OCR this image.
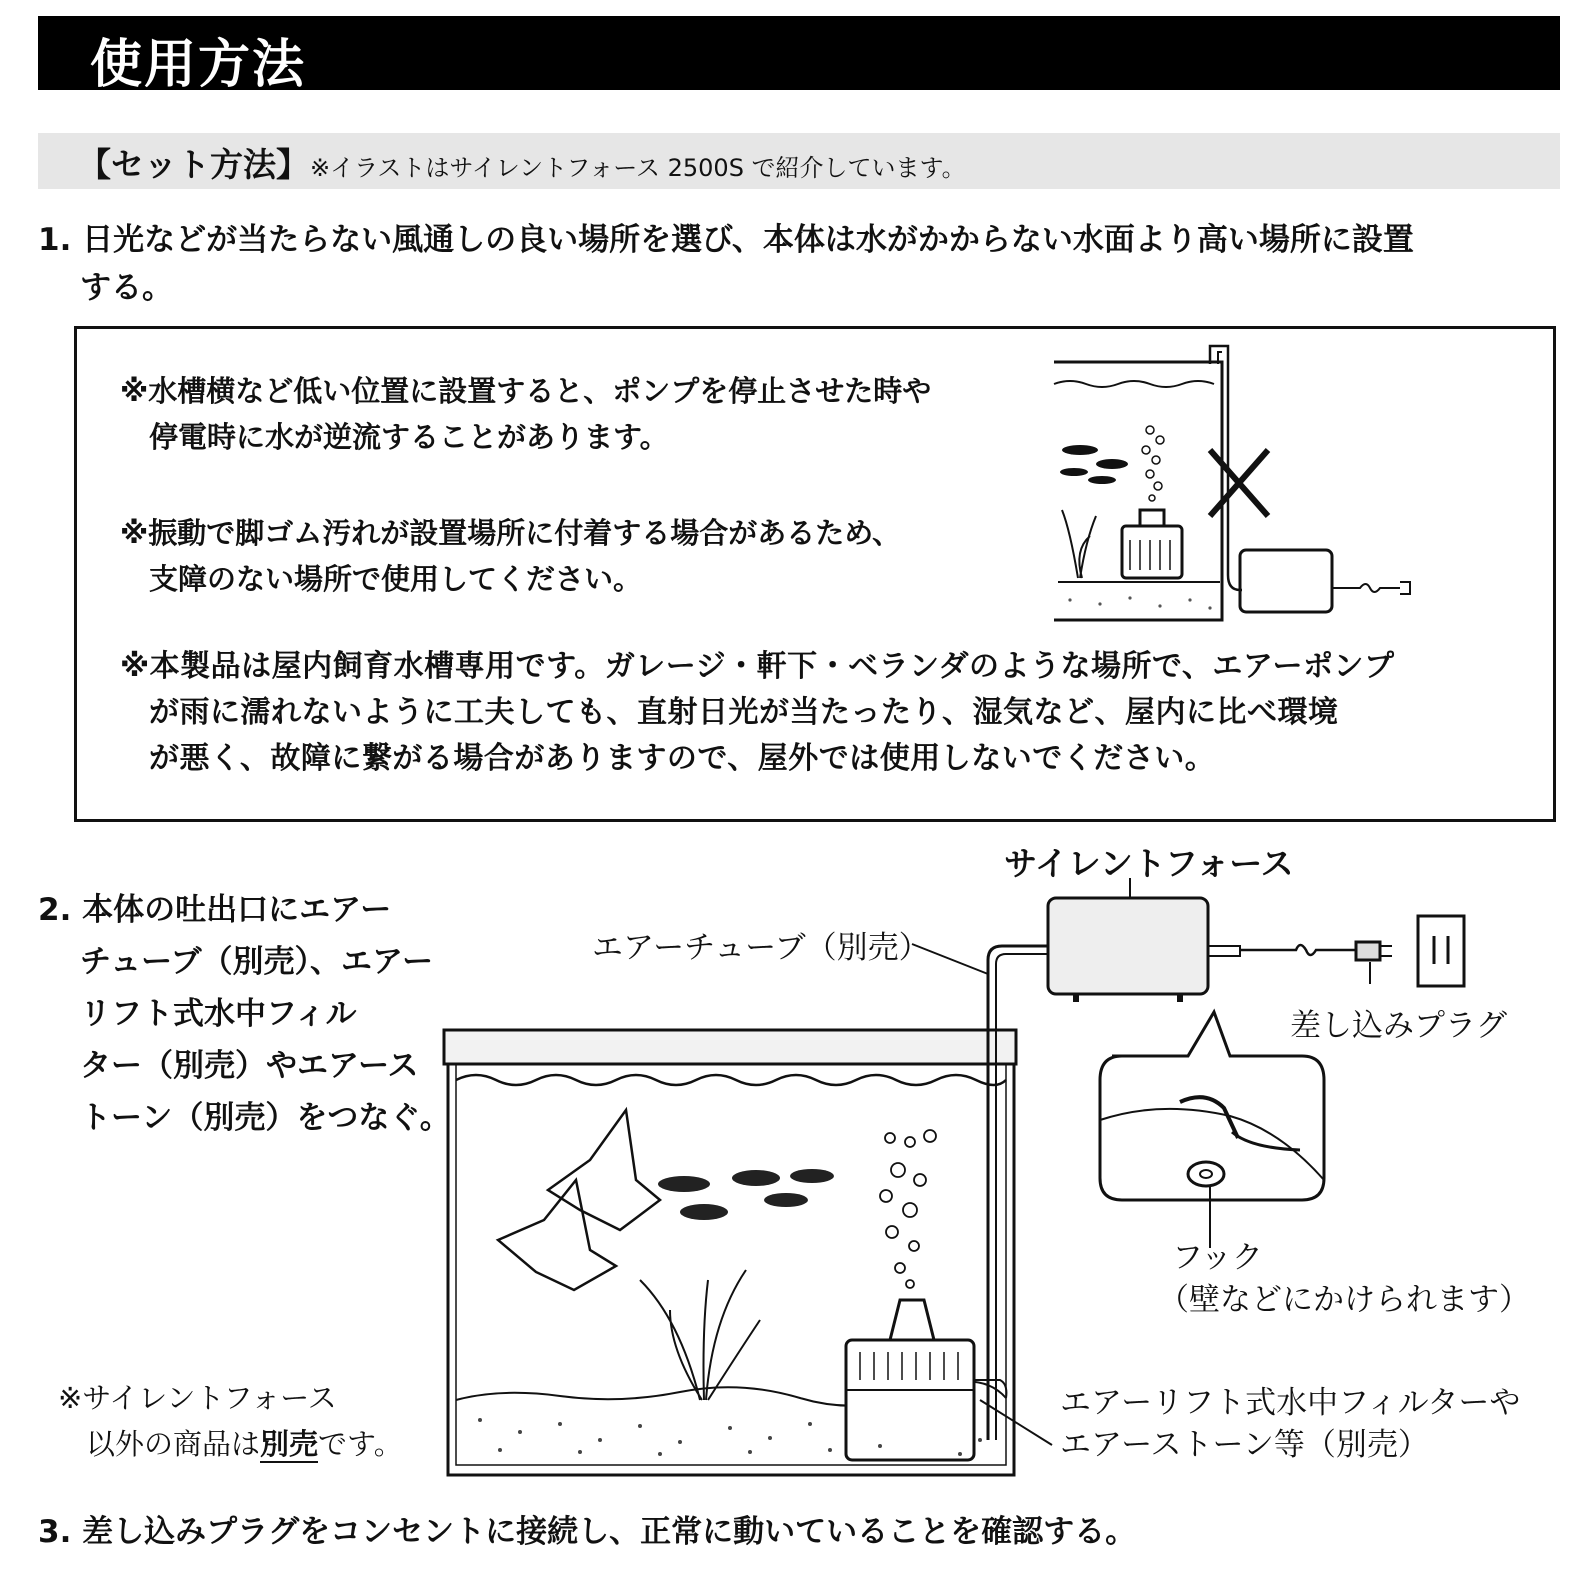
使用方法
【セット方法】 ※イラストはサイレントフォース 2500S で紹介しています。
1. 日光などが当たらない風通しの良い場所を選び、本体は水がかからない水面より高い場所に設置
する。
※水槽横など低い位置に設置すると、ポンプを停止させた時や
停電時に水が逆流することがあります。
※振動で脚ゴム汚れが設置場所に付着する場合があるため、
支障のない場所で使用してください。
※本製品は屋内飼育水槽専用です。ガレージ・軒下・ベランダのような場所で、エアーポンプ
が雨に濡れないように工夫しても、直射日光が当たったり、湿気など、屋内に比べ環境
が悪く、故障に繋がる場合がありますので、屋外では使用しないでください。
2. 本体の吐出口にエアー
チューブ（別売）、エアー
リフト式水中フィル
ター（別売）やエアース
トーン（別売）をつなぐ。
※サイレントフォース
以外の商品は別売です。
サイレントフォース
エアーチューブ（別売）
差し込みプラグ
フック
（壁などにかけられます）
エアーリフト式水中フィルターや
エアーストーン等（別売）
3. 差し込みプラグをコンセントに接続し、正常に動いていることを確認する。
